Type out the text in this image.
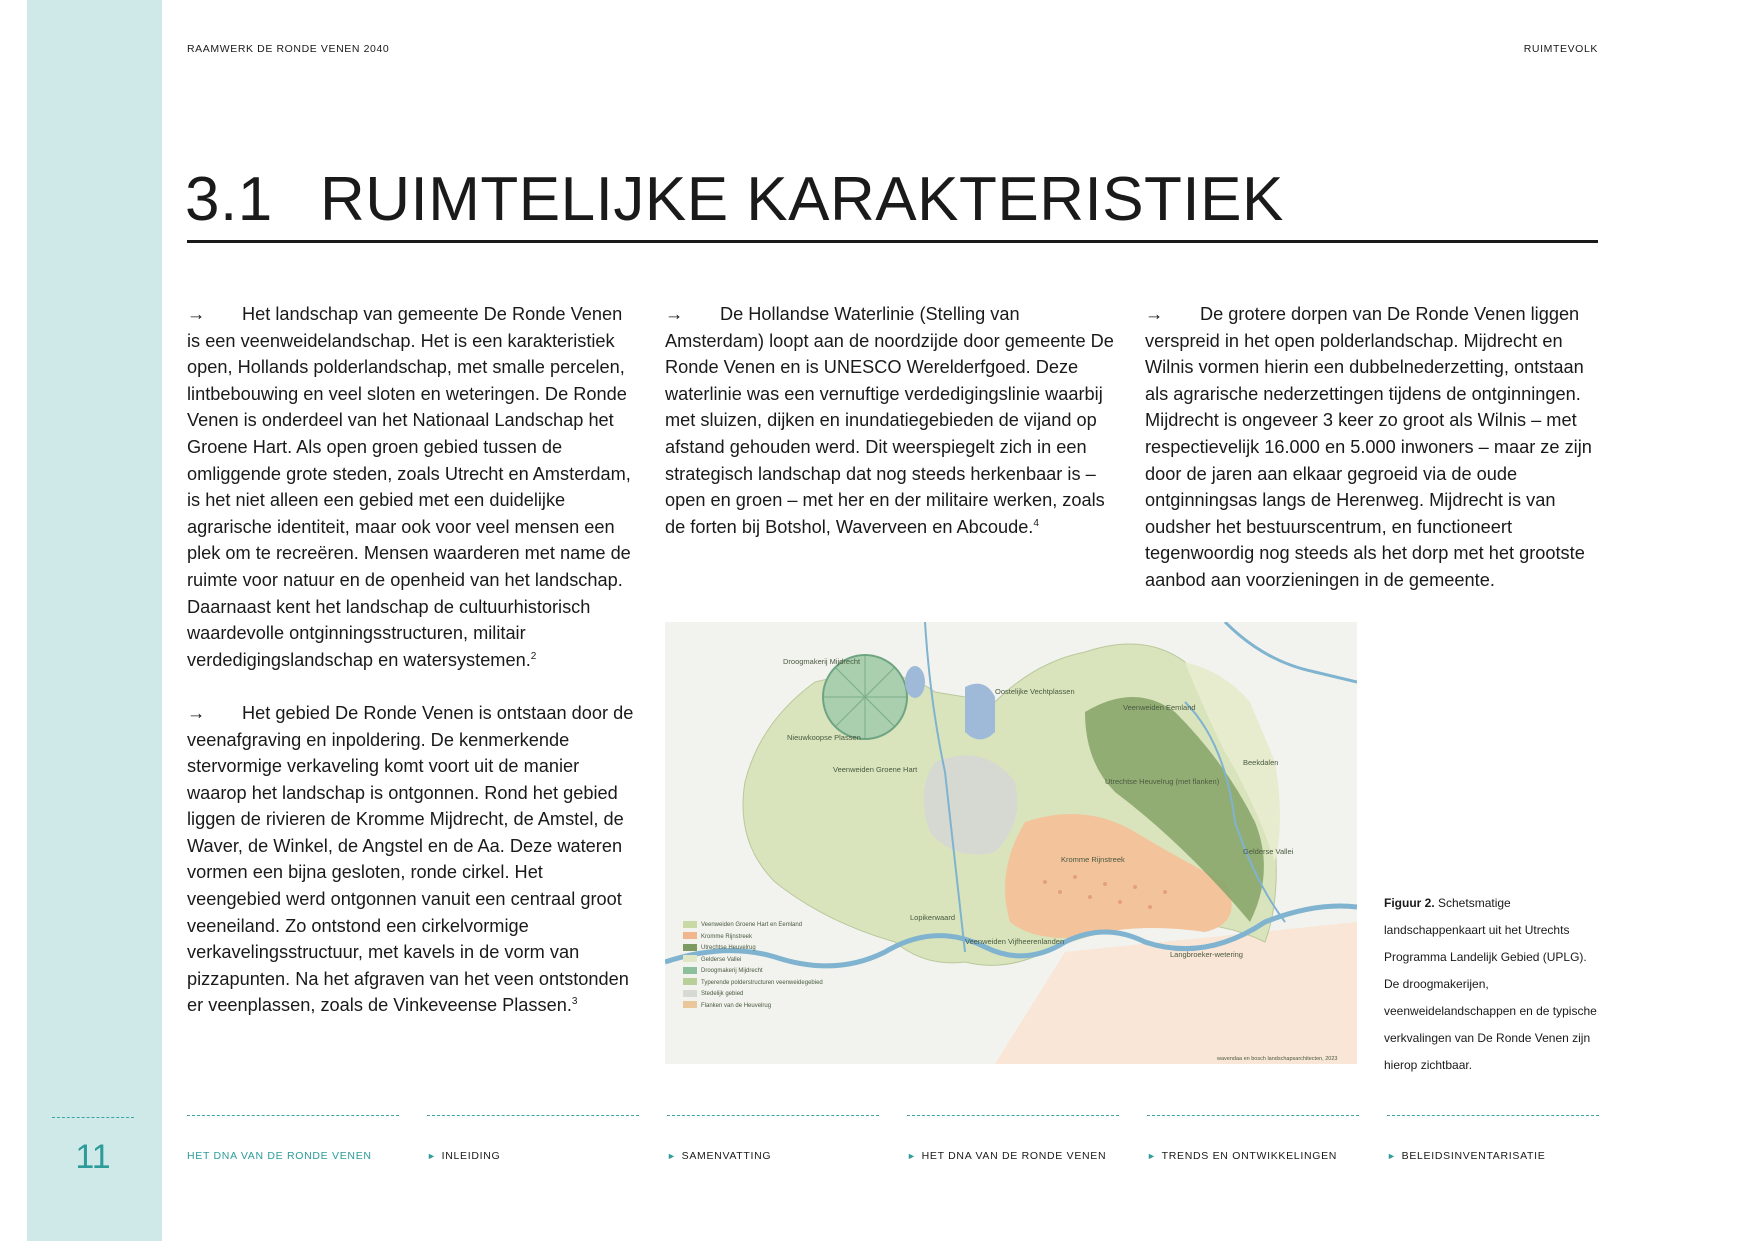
11
RAAMWERK DE RONDE VENEN 2040	RUIMTEVOLK
3.1 RUIMTELIJKE KARAKTERISTIEK

→ Het landschap van gemeente De Ronde Venen is een veenweidelandschap. Het is een karakteristiek open, Hollands polderlandschap, met smalle percelen, lintbebouwing en veel sloten en weteringen. De Ronde Venen is onderdeel van het Nationaal Landschap het Groene Hart. Als open groen gebied tussen de omliggende grote steden, zoals Utrecht en Amsterdam, is het niet alleen een gebied met een duidelijke agrarische identiteit, maar ook voor veel mensen een plek om te recreëren. Mensen waarderen met name de ruimte voor natuur en de openheid van het landschap. Daarnaast kent het landschap de cultuurhistorisch waardevolle ontginningsstructuren, militair verdedigingslandschap en watersystemen.$^2$

→ Het gebied De Ronde Venen is ontstaan door de veenafgraving en inpoldering. De kenmerkende stervormige verkaveling komt voort uit de manier waarop het landschap is ontgonnen. Rond het gebied liggen de rivieren de Kromme Mijdrecht, de Amstel, de Waver, de Winkel, de Angstel en de Aa. Deze wateren vormen een bijna gesloten, ronde cirkel. Het veengebied werd ontgonnen vanuit een centraal groot veeneiland. Zo ontstond een cirkelvormige verkavelingsstructuur, met kavels in de vorm van pizzapunten. Na het afgraven van het veen ontstonden er veenplassen, zoals de Vinkeveense Plassen.$^3$

→ De Hollandse Waterlinie (Stelling van Amsterdam) loopt aan de noordzijde door gemeente De Ronde Venen en is UNESCO Werelderfgoed. Deze waterlinie was een vernuftige verdedigingslinie waarbij met sluizen, dijken en inundatiegebieden de vijand op afstand gehouden werd. Dit weerspiegelt zich in een strategisch landschap dat nog steeds herkenbaar is – open en groen – met her en der militaire werken, zoals de forten bij Botshol, Waverveen en Abcoude.$^4$

→ De grotere dorpen van De Ronde Venen liggen verspreid in het open polderlandschap. Mijdrecht en Wilnis vormen hierin een dubbelnederzetting, ontstaan als agrarische nederzettingen tijdens de ontginningen. Mijdrecht is ongeveer 3 keer zo groot als Wilnis – met respectievelijk 16.000 en 5.000 inwoners – maar ze zijn door de jaren aan elkaar gegroeid via de oude ontginningsas langs de Herenweg. Mijdrecht is van oudsher het bestuurscentrum, en functioneert tegenwoordig nog steeds als het dorp met het grootste aanbod aan voorzieningen in de gemeente.

Droogmakerij Mijdrecht
Oostelijke Vechtplassen
Nieuwkoopse Plassen
Veenweiden Groene Hart
Veenweiden Eemland
Utrechtse Heuvelrug (met flanken)
Kromme Rijnstreek
Lopikerwaard
Veenweiden Vijfheerenlanden
Gelderse Vallei
Langbroeker-wetering
Beekdalen
wavendaa en bosch landschapsarchitecten, 2023
Veenweiden Groene Hart en Eemland
Kromme Rijnstreek
Utrechtse Heuvelrug
Gelderse Vallei
Droogmakerij Mijdrecht
Typerende polderstructuren veenweidegebied
Stedelijk gebied
Flanken van de Heuvelrug
Figuur 2. Schetsmatige landschappenkaart uit het Utrechts Programma Landelijk Gebied (UPLG). De droogmakerijen, veenweidelandschappen en de typische verkvalingen van De Ronde Venen zijn hierop zichtbaar.
HET DNA VAN DE RONDE VENEN	► INLEIDING	► SAMENVATTING	► HET DNA VAN DE RONDE VENEN	► TRENDS EN ONTWIKKELINGEN	► BELEIDSINVENTARISATIE
